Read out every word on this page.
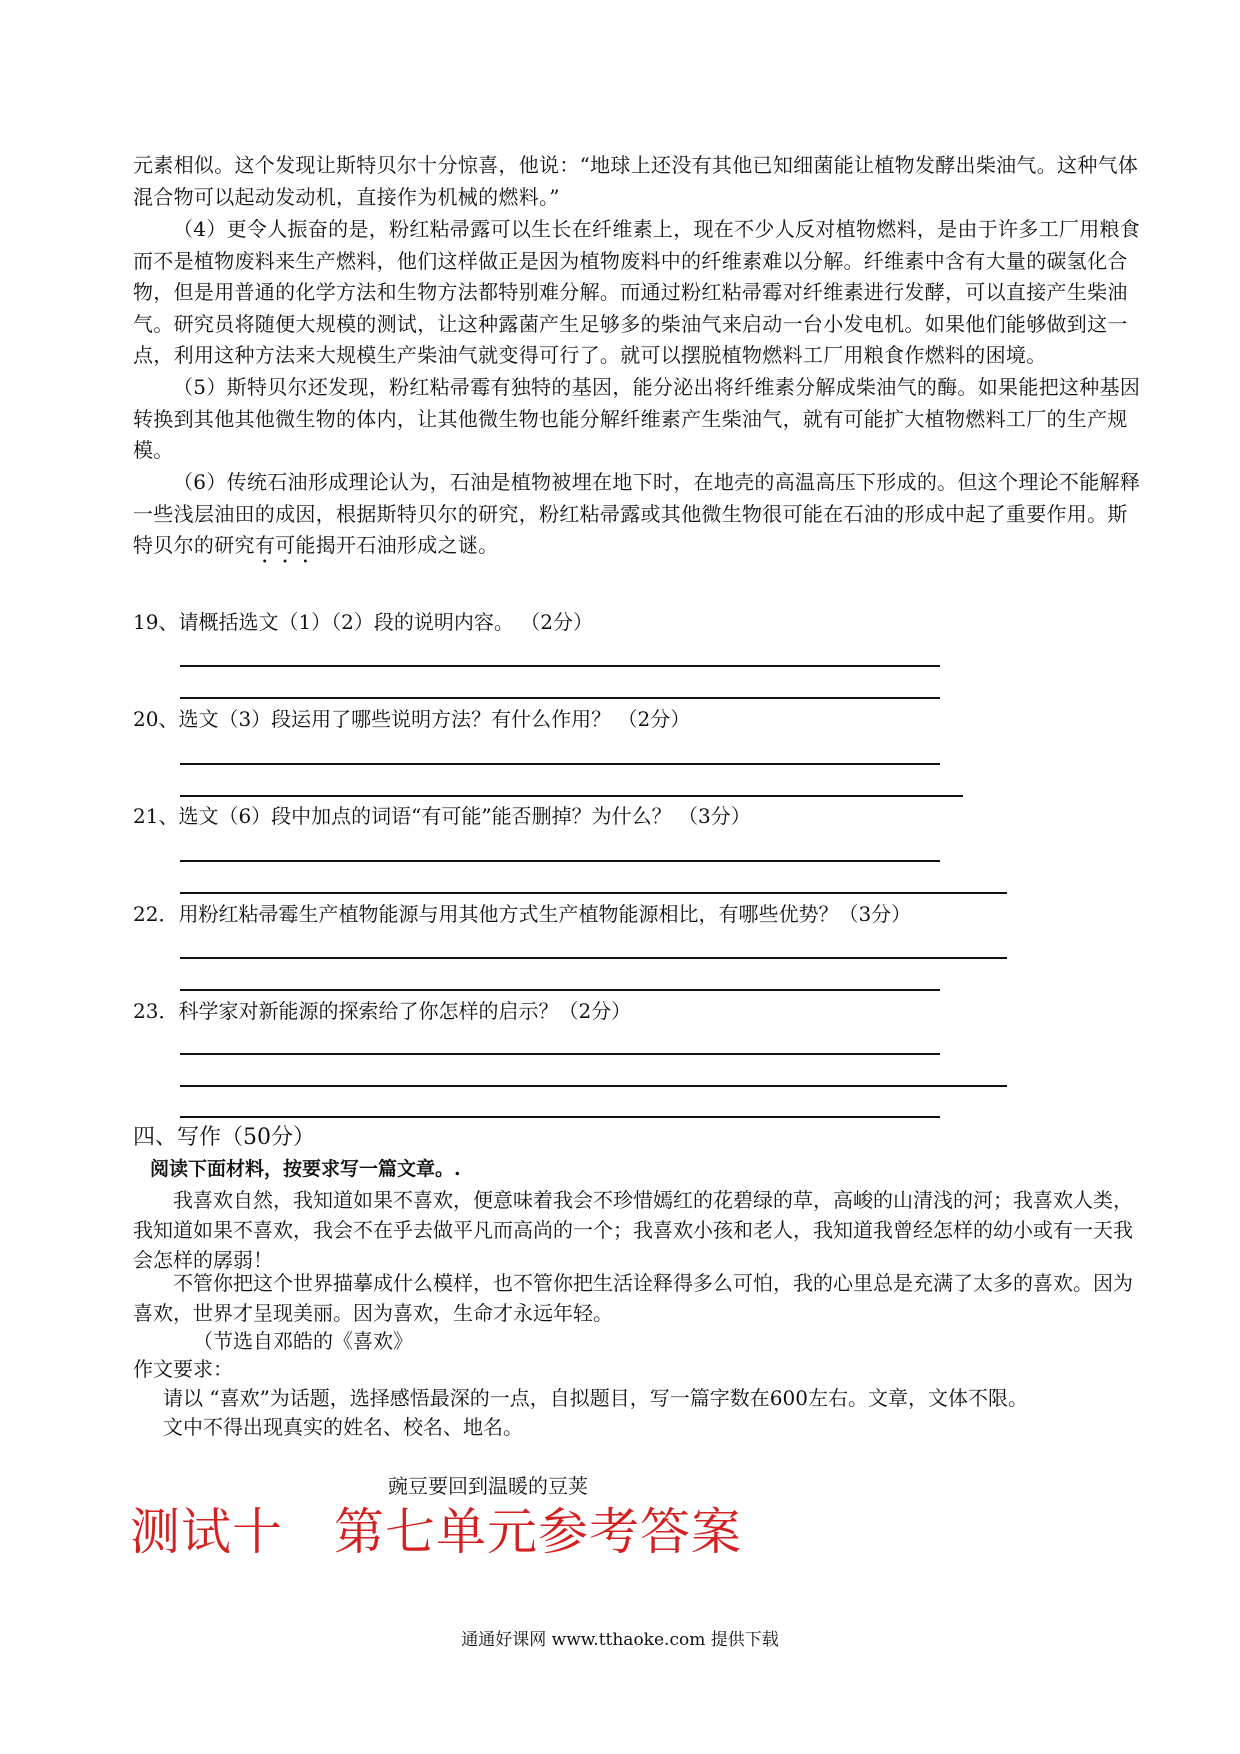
元素相似。这个发现让斯特贝尔十分惊喜，他说：“地球上还没有其他已知细菌能让植物发酵出柴油气。这种气体混合物可以起动发动机，直接作为机械的燃料。”

（4）更令人振奋的是，粉红粘帚露可以生长在纤维素上，现在不少人反对植物燃料，是由于许多工厂用粮食而不是植物废料来生产燃料，他们这样做正是因为植物废料中的纤维素难以分解。纤维素中含有大量的碳氢化合物，但是用普通的化学方法和生物方法都特别难分解。而通过粉红粘帚霉对纤维素进行发酵，可以直接产生柴油　气。研究员将随便大规模的测试，让这种露菌产生足够多的柴油气来启动一台小发电机。如果他们能够做到这一点，利用这种方法来大规模生产柴油气就变得可行了。就可以摆脱植物燃料工厂用粮食作燃料的困境。

（5）斯特贝尔还发现，粉红粘帚霉有独特的基因，能分泌出将纤维素分解成柴油气的酶。如果能把这种基因转换到其他其他微生物的体内，让其他微生物也能分解纤维素产生柴油气，就有可能扩大植物燃料工厂的生产规模。

（6）传统石油形成理论认为，石油是植物被埋在地下时，在地壳的高温高压下形成的。但这个理论不能解释一些浅层油田的成因，根据斯特贝尔的研究，粉红粘帚露或其他微生物很可能在石油的形成中起了重要作用。斯特贝尔的研究有可能揭开石油形成之谜。

19、请概括选文（1）（2）段的说明内容。 （2分）

20、选文（3）段运用了哪些说明方法？有什么作用？ （2分）

21、选文（6）段中加点的词语“有可能”能否删掉？为什么？ （3分）

22．用粉红粘帚霉生产植物能源与用其他方式生产植物能源相比，有哪些优势？（3分）

23．科学家对新能源的探索给了你怎样的启示？（2分）

四、写作（50分）

阅读下面材料，按要求写一篇文章。.

我喜欢自然，我知道如果不喜欢，便意味着我会不珍惜嫣红的花碧绿的草，高峻的山清浅的河；我喜欢人类，我知道如果不喜欢，我会不在乎去做平凡而高尚的一个；我喜欢小孩和老人，我知道我曾经怎样的幼小或有一天我会怎样的孱弱！

不管你把这个世界描摹成什么模样，也不管你把生活诠释得多么可怕，我的心里总是充满了太多的喜欢。因为喜欢，世界才呈现美丽。因为喜欢，生命才永远年轻。

（节选自邓皓的《喜欢》

作文要求：

请以 “喜欢”为话题，选择感悟最深的一点，自拟题目，写一篇字数在600左右。文章，文体不限。

文中不得出现真实的姓名、校名、地名。

豌豆要回到温暖的豆荚

测试十　第七单元参考答案

通通好课网 www.tthaoke.com 提供下载
